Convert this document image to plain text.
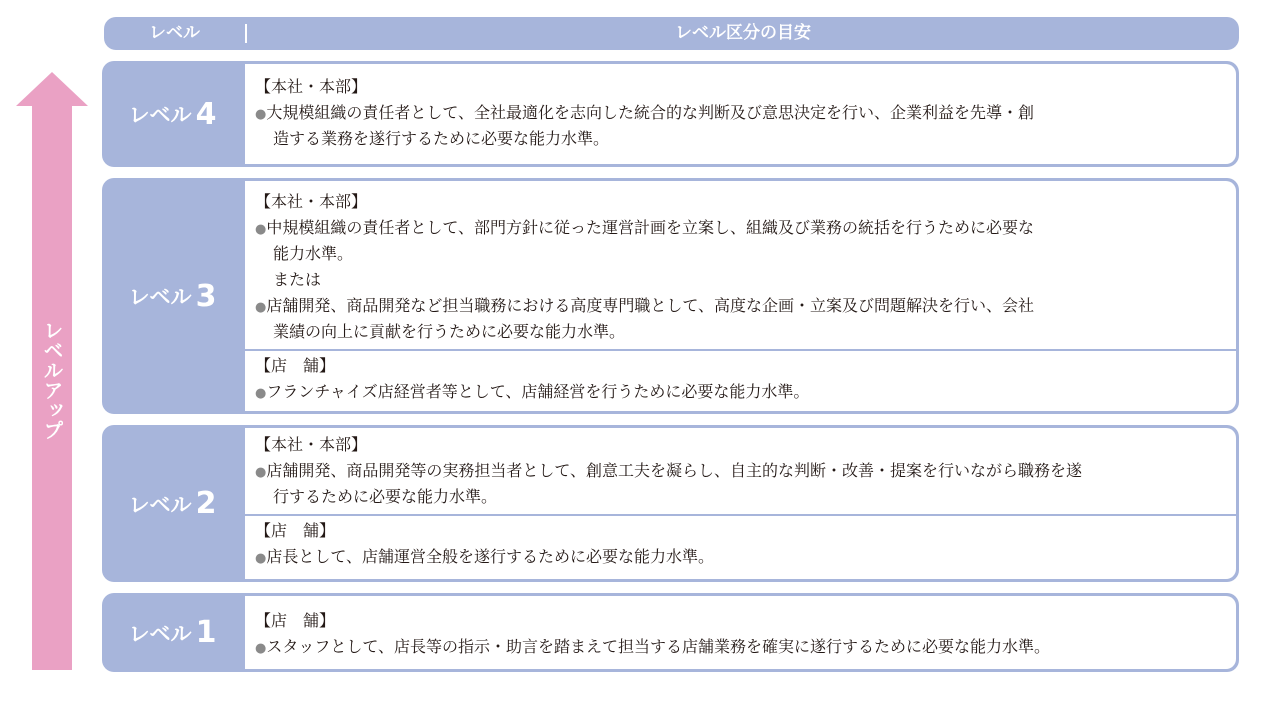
レベル	レベル区分の目安
レベルアップ
レベル 4
【本社・本部】
●大規模組織の責任者として、全社最適化を志向した統合的な判断及び意思決定を行い、企業利益を先導・創
造する業務を遂行するために必要な能力水準。
レベル 3
【本社・本部】
●中規模組織の責任者として、部門方針に従った運営計画を立案し、組織及び業務の統括を行うために必要な
能力水準。
または
●店舗開発、商品開発など担当職務における高度専門職として、高度な企画・立案及び問題解決を行い、会社
業績の向上に貢献を行うために必要な能力水準。
【店　舗】
●フランチャイズ店経営者等として、店舗経営を行うために必要な能力水準。
レベル 2
【本社・本部】
●店舗開発、商品開発等の実務担当者として、創意工夫を凝らし、自主的な判断・改善・提案を行いながら職務を遂
行するために必要な能力水準。
【店　舗】
●店長として、店舗運営全般を遂行するために必要な能力水準。
レベル 1 【店　舗】
●スタッフとして、店長等の指示・助言を踏まえて担当する店舗業務を確実に遂行するために必要な能力水準。
